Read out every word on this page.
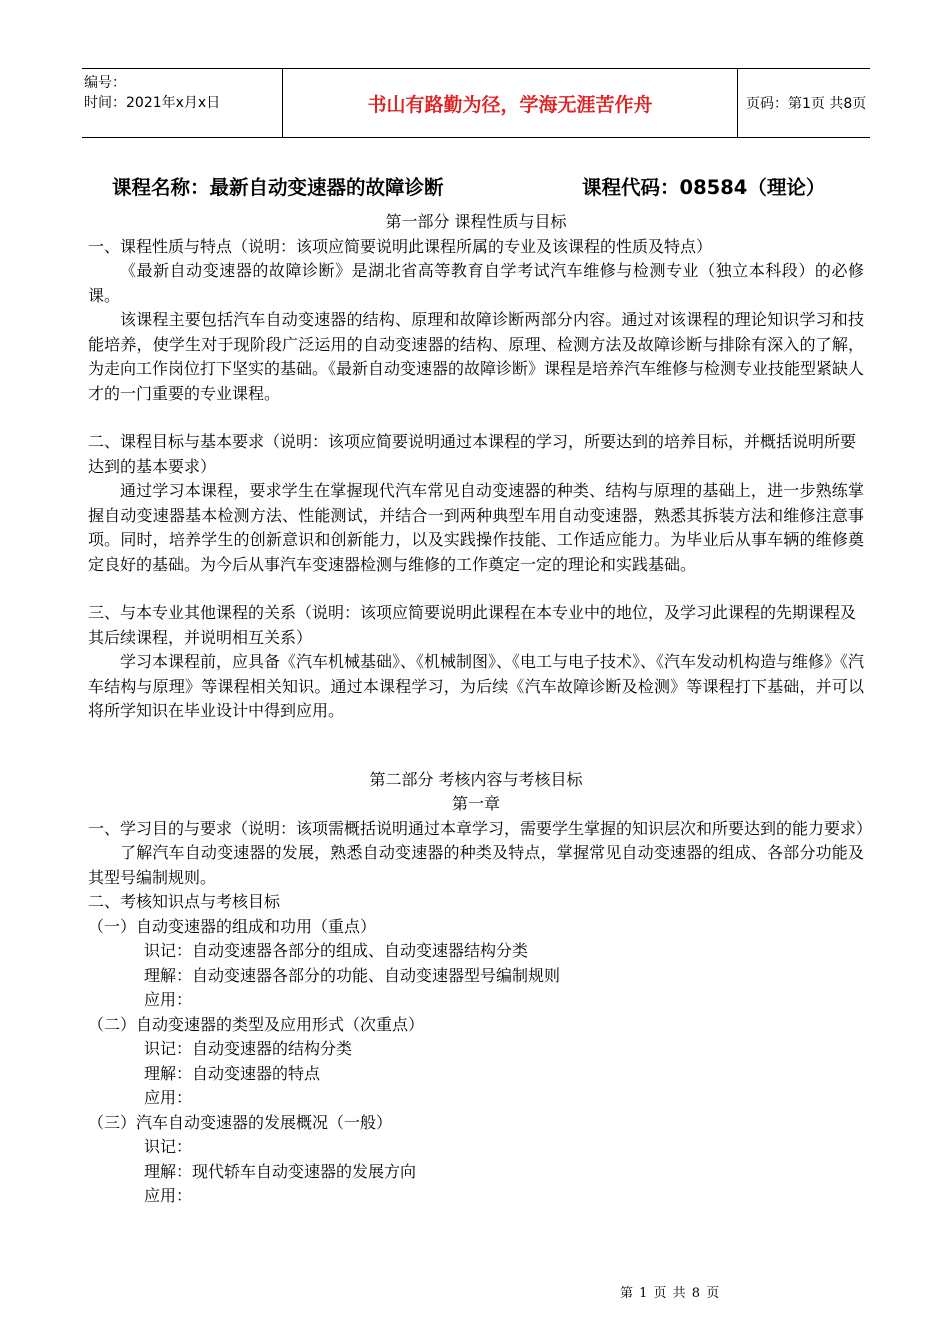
编号：
时间：2021年x月x日	书山有路勤为径，学海无涯苦作舟	页码：第1页 共8页
课程名称：最新自动变速器的故障诊断	课程代码：08584（理论）

第一部分 课程性质与目标

一、课程性质与特点（说明：该项应简要说明此课程所属的专业及该课程的性质及特点）

《最新自动变速器的故障诊断》是湖北省高等教育自学考试汽车维修与检测专业（独立本科段）的必修课。

该课程主要包括汽车自动变速器的结构、原理和故障诊断两部分内容。通过对该课程的理论知识学习和技能培养，使学生对于现阶段广泛运用的自动变速器的结构、原理、检测方法及故障诊断与排除有深入的了解，为走向工作岗位打下坚实的基础。《最新自动变速器的故障诊断》课程是培养汽车维修与检测专业技能型紧缺人才的一门重要的专业课程。

二、课程目标与基本要求（说明：该项应简要说明通过本课程的学习，所要达到的培养目标，并概括说明所要达到的基本要求）

通过学习本课程，要求学生在掌握现代汽车常见自动变速器的种类、结构与原理的基础上，进一步熟练掌握自动变速器基本检测方法、性能测试，并结合一到两种典型车用自动变速器，熟悉其拆装方法和维修注意事项。同时，培养学生的创新意识和创新能力，以及实践操作技能、工作适应能力。为毕业后从事车辆的维修奠定良好的基础。为今后从事汽车变速器检测与维修的工作奠定一定的理论和实践基础。

三、与本专业其他课程的关系（说明：该项应简要说明此课程在本专业中的地位，及学习此课程的先期课程及其后续课程，并说明相互关系）

学习本课程前，应具备《汽车机械基础》、《机械制图》、《电工与电子技术》、《汽车发动机构造与维修》《汽车结构与原理》等课程相关知识。通过本课程学习，为后续《汽车故障诊断及检测》等课程打下基础，并可以将所学知识在毕业设计中得到应用。

第二部分 考核内容与考核目标

第一章

一、学习目的与要求（说明：该项需概括说明通过本章学习，需要学生掌握的知识层次和所要达到的能力要求）

了解汽车自动变速器的发展，熟悉自动变速器的种类及特点，掌握常见自动变速器的组成、各部分功能及其型号编制规则。

二、考核知识点与考核目标

（一）自动变速器的组成和功用（重点）

识记：自动变速器各部分的组成、自动变速器结构分类

理解：自动变速器各部分的功能、自动变速器型号编制规则

应用：

（二）自动变速器的类型及应用形式（次重点）

识记：自动变速器的结构分类

理解：自动变速器的特点

应用：

（三）汽车自动变速器的发展概况（一般）

识记：

理解：现代轿车自动变速器的发展方向

应用：

第 1 页 共 8 页
